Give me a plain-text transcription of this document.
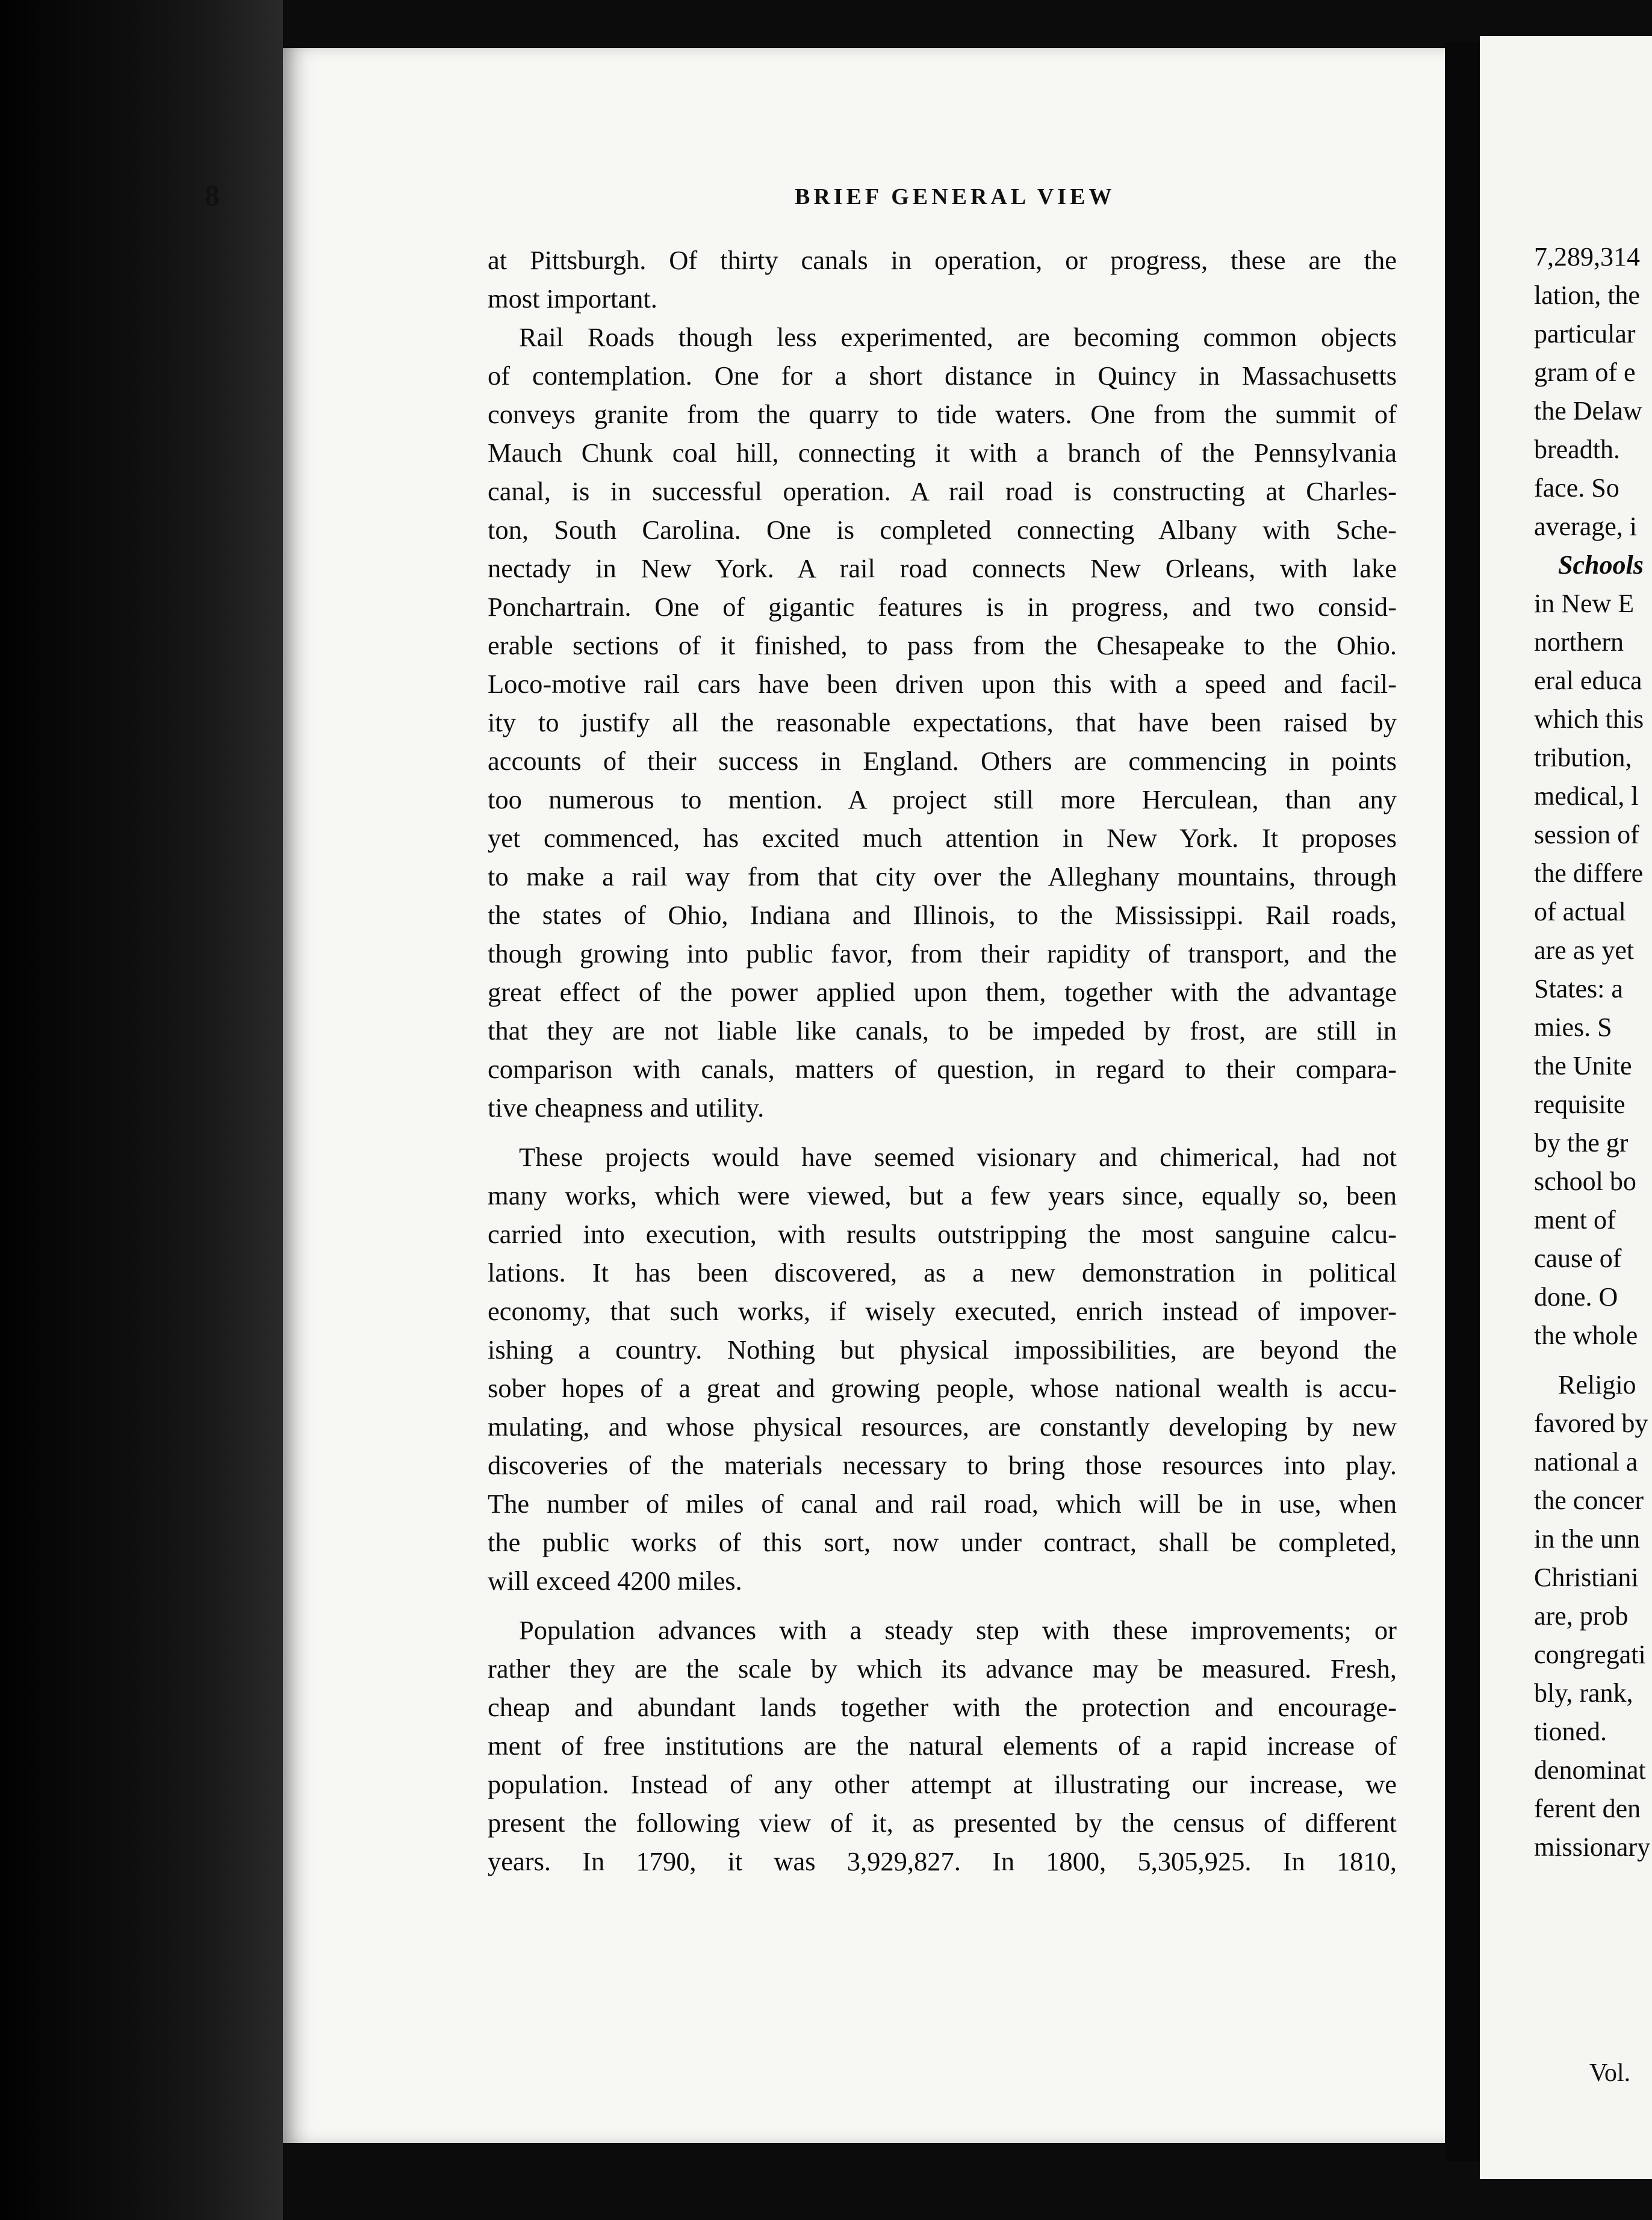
8	BRIEF GENERAL VIEW
at Pittsburgh. Of thirty canals in operation, or progress, these are the
most important.
Rail Roads though less experimented, are becoming common objects
of contemplation. One for a short distance in Quincy in Massachusetts
conveys granite from the quarry to tide waters. One from the summit of
Mauch Chunk coal hill, connecting it with a branch of the Pennsylvania
canal, is in successful operation. A rail road is constructing at Charles-
ton, South Carolina. One is completed connecting Albany with Sche-
nectady in New York. A rail road connects New Orleans, with lake
Ponchartrain. One of gigantic features is in progress, and two consid-
erable sections of it finished, to pass from the Chesapeake to the Ohio.
Loco-motive rail cars have been driven upon this with a speed and facil-
ity to justify all the reasonable expectations, that have been raised by
accounts of their success in England. Others are commencing in points
too numerous to mention. A project still more Herculean, than any
yet commenced, has excited much attention in New York. It proposes
to make a rail way from that city over the Alleghany mountains, through
the states of Ohio, Indiana and Illinois, to the Mississippi. Rail roads,
though growing into public favor, from their rapidity of transport, and the
great effect of the power applied upon them, together with the advantage
that they are not liable like canals, to be impeded by frost, are still in
comparison with canals, matters of question, in regard to their compara-
tive cheapness and utility.
These projects would have seemed visionary and chimerical, had not
many works, which were viewed, but a few years since, equally so, been
carried into execution, with results outstripping the most sanguine calcu-
lations. It has been discovered, as a new demonstration in political
economy, that such works, if wisely executed, enrich instead of impover-
ishing a country. Nothing but physical impossibilities, are beyond the
sober hopes of a great and growing people, whose national wealth is accu-
mulating, and whose physical resources, are constantly developing by new
discoveries of the materials necessary to bring those resources into play.
The number of miles of canal and rail road, which will be in use, when
the public works of this sort, now under contract, shall be completed,
will exceed 4200 miles.
Population advances with a steady step with these improvements; or
rather they are the scale by which its advance may be measured. Fresh,
cheap and abundant lands together with the protection and encourage-
ment of free institutions are the natural elements of a rapid increase of
population. Instead of any other attempt at illustrating our increase, we
present the following view of it, as presented by the census of different
years. In 1790, it was 3,929,827. In 1800, 5,305,925. In 1810,
7,289,314
lation, the
particular
gram of e
the Delaw
breadth.
face. So
average, i
Schools
in New E
northern
eral educa
which this
tribution,
medical, l
session of
the differe
of actual
are as yet
States: a
mies. S
the Unite
requisite
by the gr
school bo
ment of
cause of
done. O
the whole
Religio
favored by
national a
the concer
in the unn
Christiani
are, prob
congregati
bly, rank,
tioned.
denominat
ferent den
missionary
Vol.
